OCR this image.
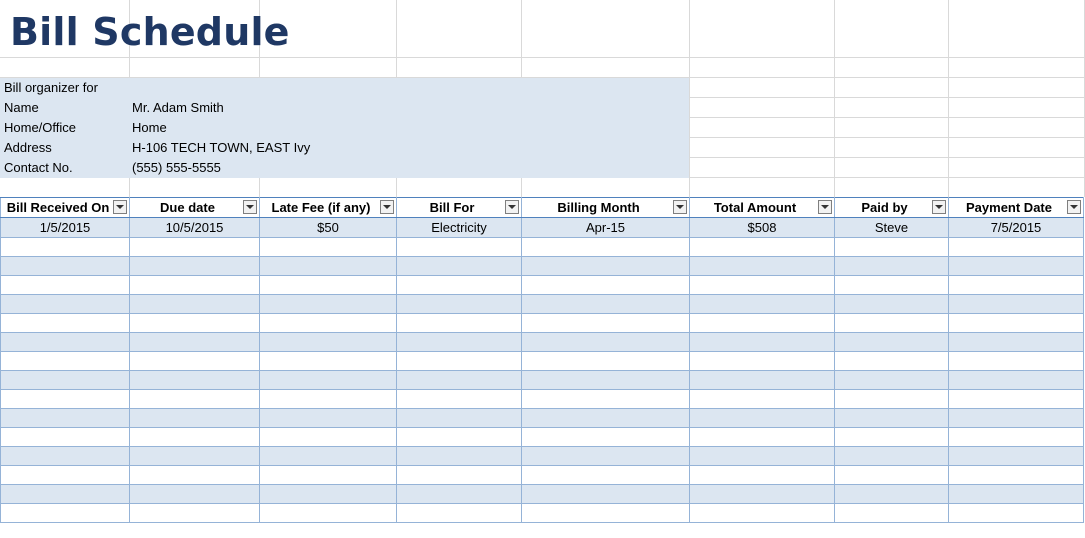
Bill Schedule
Bill organizer for
Name	Mr. Adam Smith
Home/Office	Home
Address	H-106 TECH TOWN, EAST Ivy
Contact No.	(555) 555-5555
Bill Received On	Due date	Late Fee (if any)	Bill For	Billing Month	Total Amount	Paid by	Payment Date

1/5/2015	10/5/2015	$50	Electricity	Apr-15	$508	Steve	7/5/2015
